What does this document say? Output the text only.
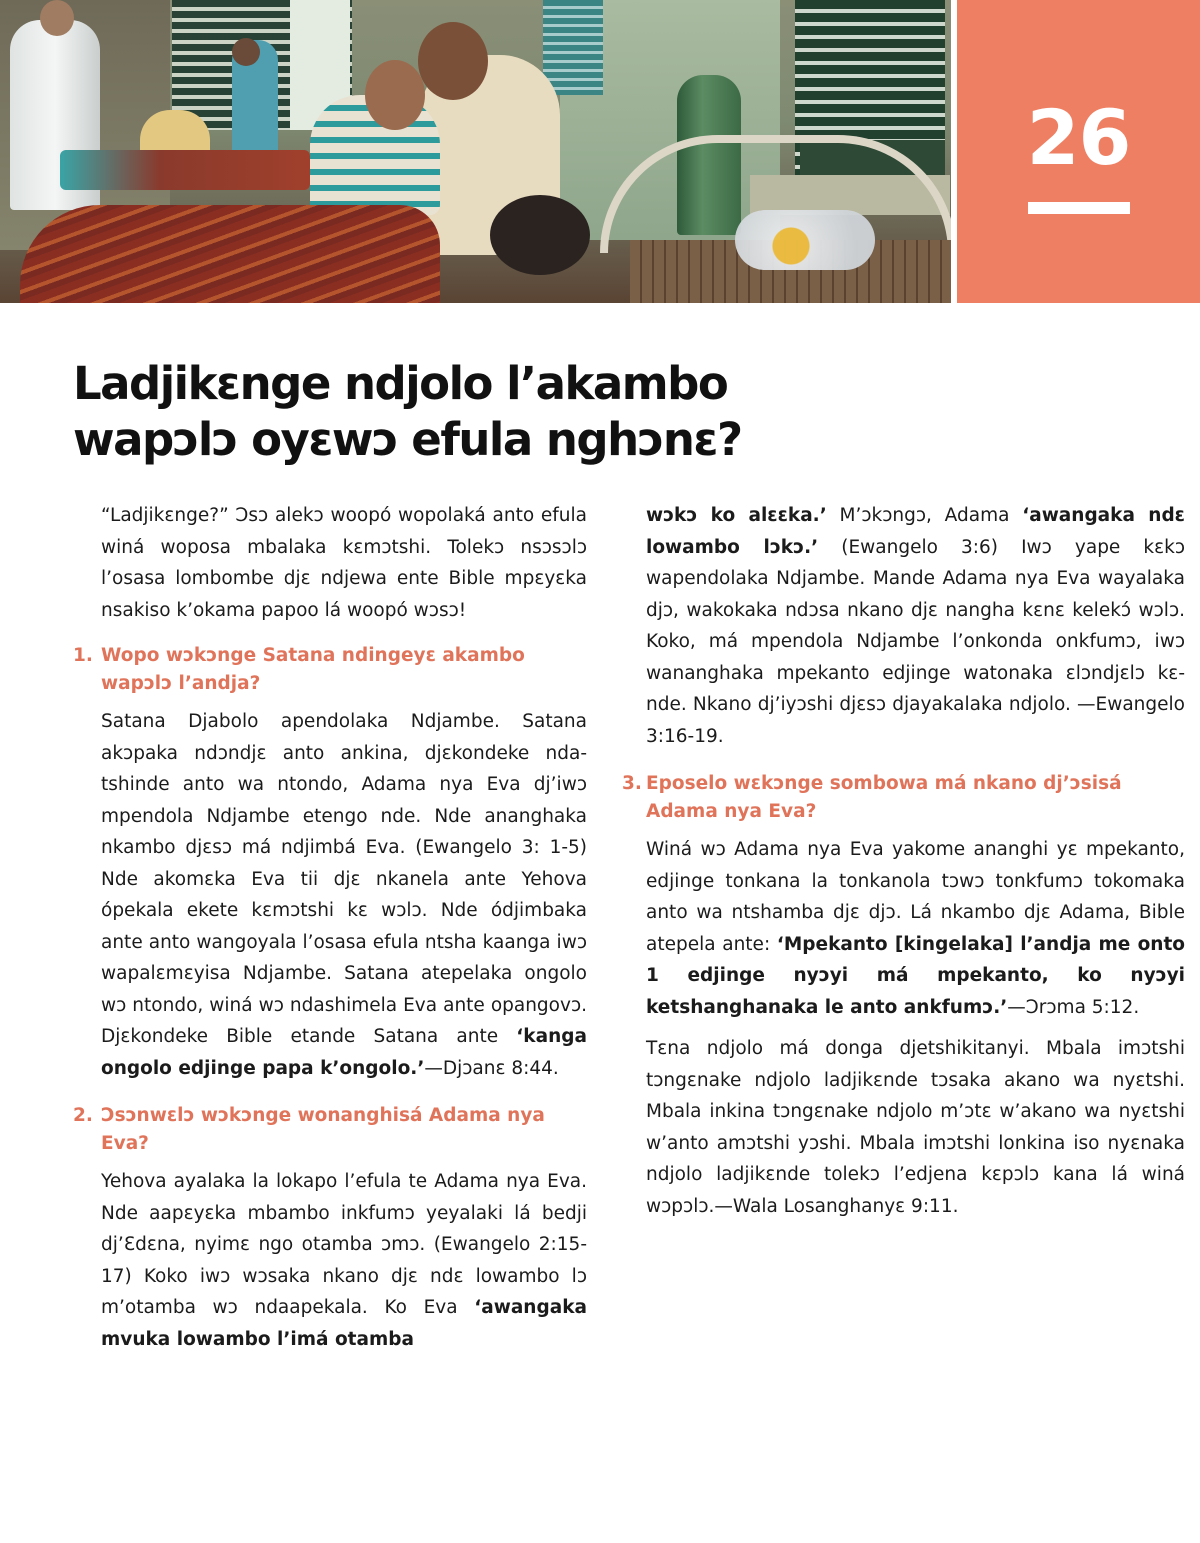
26
Ladjikɛnge ndjolo l’akambo
wapɔlɔ oyɛwɔ efula nghɔnɛ?

“Ladjikɛnge?” Ɔsɔ alekɔ woopó wopolaká anto efula winá woposa mbalaka kɛmɔtshi. Tolekɔ nsɔsɔlɔ l’osasa lombombe djɛ ndjewa ente Bible mpɛyɛka nsakiso k’okama papoo lá woopó wɔsɔ!

1. Wopo wɔkɔnge Satana ndingeyɛ akambo wapɔlɔ l’andja?

Satana Djabolo apendolaka Ndjambe. Satana akɔpaka ndɔndjɛ anto ankina, djɛkondeke ndatshinde anto wa ntondo, Adama nya Eva dj’iwɔ mpendola Ndjambe etengo nde. Nde ananghaka nkambo djɛsɔ má ndjimbá Eva. (Ewangelo 3: 1-5) Nde akomɛka Eva tii djɛ nkanela ante Yehova ópekala ekete kɛmɔtshi kɛ wɔlɔ. Nde ódjimbaka ante anto wangoyala l’osasa efula ntsha kaanga iwɔ wapalɛmɛyisa Ndjambe. Satana atepelaka ongolo wɔ ntondo, winá wɔ ndashimela Eva ante opangovɔ. Djɛkondeke Bible etande Satana ante ‘kanga ongolo edjinge papa k’ongolo.’—Djɔanɛ 8:44.

2. Ɔsɔnwɛlɔ wɔkɔnge wonanghisá Adama nya Eva?

Yehova ayalaka la lokapo l’efula te Adama nya Eva. Nde aapɛyɛka mbambo inkfumɔ yeyalaki lá bedji dj’Ɛdɛna, nyimɛ ngo otamba ɔmɔ. (Ewangelo 2:15-17) Koko iwɔ wɔsaka nkano djɛ ndɛ lowambo lɔ m’otamba wɔ ndaapekala. Ko Eva ‘awangaka mvuka lowambo l’imá otamba

wɔkɔ ko alɛɛka.’ M’ɔkɔngɔ, Adama ‘awangaka ndɛ lowambo lɔkɔ.’ (Ewangelo 3:6) Iwɔ yape kɛkɔ wapendolaka Ndjambe. Mande Adama nya Eva wayalaka djɔ, wakokaka ndɔsa nkano djɛ nangha kɛnɛ kelekɔ́ wɔlɔ. Koko, má mpendola Ndjambe l’onkonda onkfumɔ, iwɔ wananghaka mpekanto edjinge watonaka ɛlɔndjɛlɔ kɛnde. Nkano dj’iyɔshi djɛsɔ djayakalaka ndjolo. —Ewangelo 3:16-19.

3. Eposelo wɛkɔnge sombowa má nkano dj’ɔsisá Adama nya Eva?

Winá wɔ Adama nya Eva yakome ananghi yɛ mpekanto, edjinge tonkana la tonkanola tɔwɔ tonkfumɔ tokomaka anto wa ntshamba djɛ djɔ. Lá nkambo djɛ Adama, Bible atepela ante: ‘Mpekanto [kingelaka] l’andja me onto 1 edjinge nyɔyi má mpekanto, ko nyɔyi ketshanghanaka le anto ankfumɔ.’—Ɔrɔma 5:12.

Tɛna ndjolo má donga djetshikitanyi. Mbala imɔtshi tɔngɛnake ndjolo ladjikɛnde tɔsaka akano wa nyɛtshi. Mbala inkina tɔngɛnake ndjolo m’ɔtɛ w’akano wa nyɛtshi w’anto amɔtshi yɔshi. Mbala imɔtshi lonkina iso nyɛnaka ndjolo ladjikɛnde tolekɔ l’edjena kɛpɔlɔ kana lá winá wɔpɔlɔ.—Wala Losanghanyɛ 9:11.
